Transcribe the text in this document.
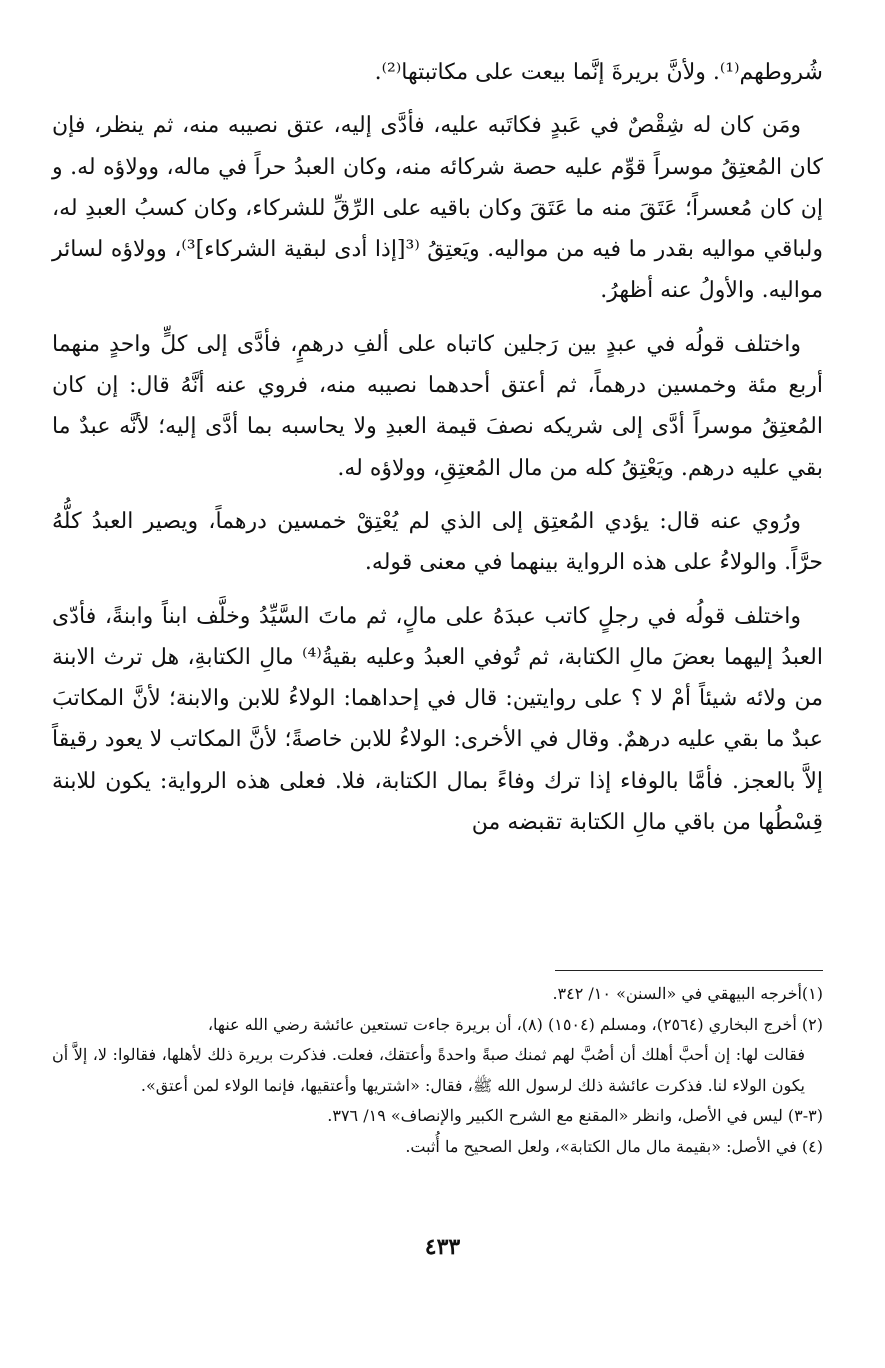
شُروطهم⁽¹⁾. ولأنَّ بريرةَ إنَّما بيعت على مكاتبتها⁽²⁾.

ومَن كان له شِقْصٌ في عَبدٍ فكاتَبه عليه، فأدَّى إليه، عتق نصيبه منه، ثم ينظر، فإن كان المُعتِقُ موسراً قوِّم عليه حصة شركائه منه، وكان العبدُ حراً في ماله، وولاؤه له. و إن كان مُعسراً؛ عَتَقَ منه ما عَتَقَ وكان باقيه على الرِّقِّ للشركاء، وكان كسبُ العبدِ له، ولباقي مواليه بقدر ما فيه من مواليه. ويَعتِقُ ⁽³[إذا أدى لبقية الشركاء]³⁾، وولاؤه لسائر مواليه. والأولُ عنه أظهرُ.

واختلف قولُه في عبدٍ بين رَجلين كاتباه على ألفِ درهمٍ، فأدَّى إلى كلٍّ واحدٍ منهما أربع مئة وخمسين درهماً، ثم أعتق أحدهما نصيبه منه، فروي عنه أنَّهُ قال: إن كان المُعتِقُ موسراً أدَّى إلى شريكه نصفَ قيمة العبدِ ولا يحاسبه بما أدَّى إليه؛ لأنَّه عبدٌ ما بقي عليه درهم. ويَعْتِقُ كله من مال المُعتِقِ، وولاؤه له.

ورُوي عنه قال: يؤدي المُعتِق إلى الذي لم يُعْتِقْ خمسين درهماً، ويصير العبدُ كلُّهُ حرَّاً. والولاءُ على هذه الرواية بينهما في معنى قوله.

واختلف قولُه في رجلٍ كاتب عبدَهُ على مالٍ، ثم ماتَ السَّيِّدُ وخلَّف ابناً وابنةً، فأدّى العبدُ إليهما بعضَ مالِ الكتابة، ثم تُوفي العبدُ وعليه بقيةُ⁽⁴⁾ مالِ الكتابةِ، هل ترث الابنة من ولائه شيئاً أمْ لا ؟ على روايتين: قال في إحداهما: الولاءُ للابن والابنة؛ لأنَّ المكاتبَ عبدٌ ما بقي عليه درهمٌ. وقال في الأخرى: الولاءُ للابن خاصةً؛ لأنَّ المكاتب لا يعود رقيقاً إلاَّ بالعجز. فأمَّا بالوفاء إذا ترك وفاءً بمال الكتابة، فلا. فعلى هذه الرواية: يكون للابنة قِسْطُها من باقي مالِ الكتابة تقبضه من

(١)أخرجه البيهقي في «السنن» ١٠/ ٣٤٢.

(٢) أخرج البخاري (٢٥٦٤)، ومسلم (١٥٠٤) (٨)، أن بريرة جاءت تستعين عائشة رضي الله عنها،
فقالت لها: إن أحبَّ أهلك أن أصُبَّ لهم ثمنك صبةً واحدةً وأعتقك، فعلت. فذكرت بريرة ذلك لأهلها، فقالوا: لا، إلاَّ أن يكون الولاء لنا. فذكرت عائشة ذلك لرسول الله ﷺ، فقال: «اشتريها وأعتقيها، فإنما الولاء لمن أعتق».

(٣-٣) ليس في الأصل، وانظر «المقنع مع الشرح الكبير والإنصاف» ١٩/ ٣٧٦.

(٤) في الأصل: «بقيمة مال مال الكتابة»، ولعل الصحيح ما أُثبت.

٤٣٣
